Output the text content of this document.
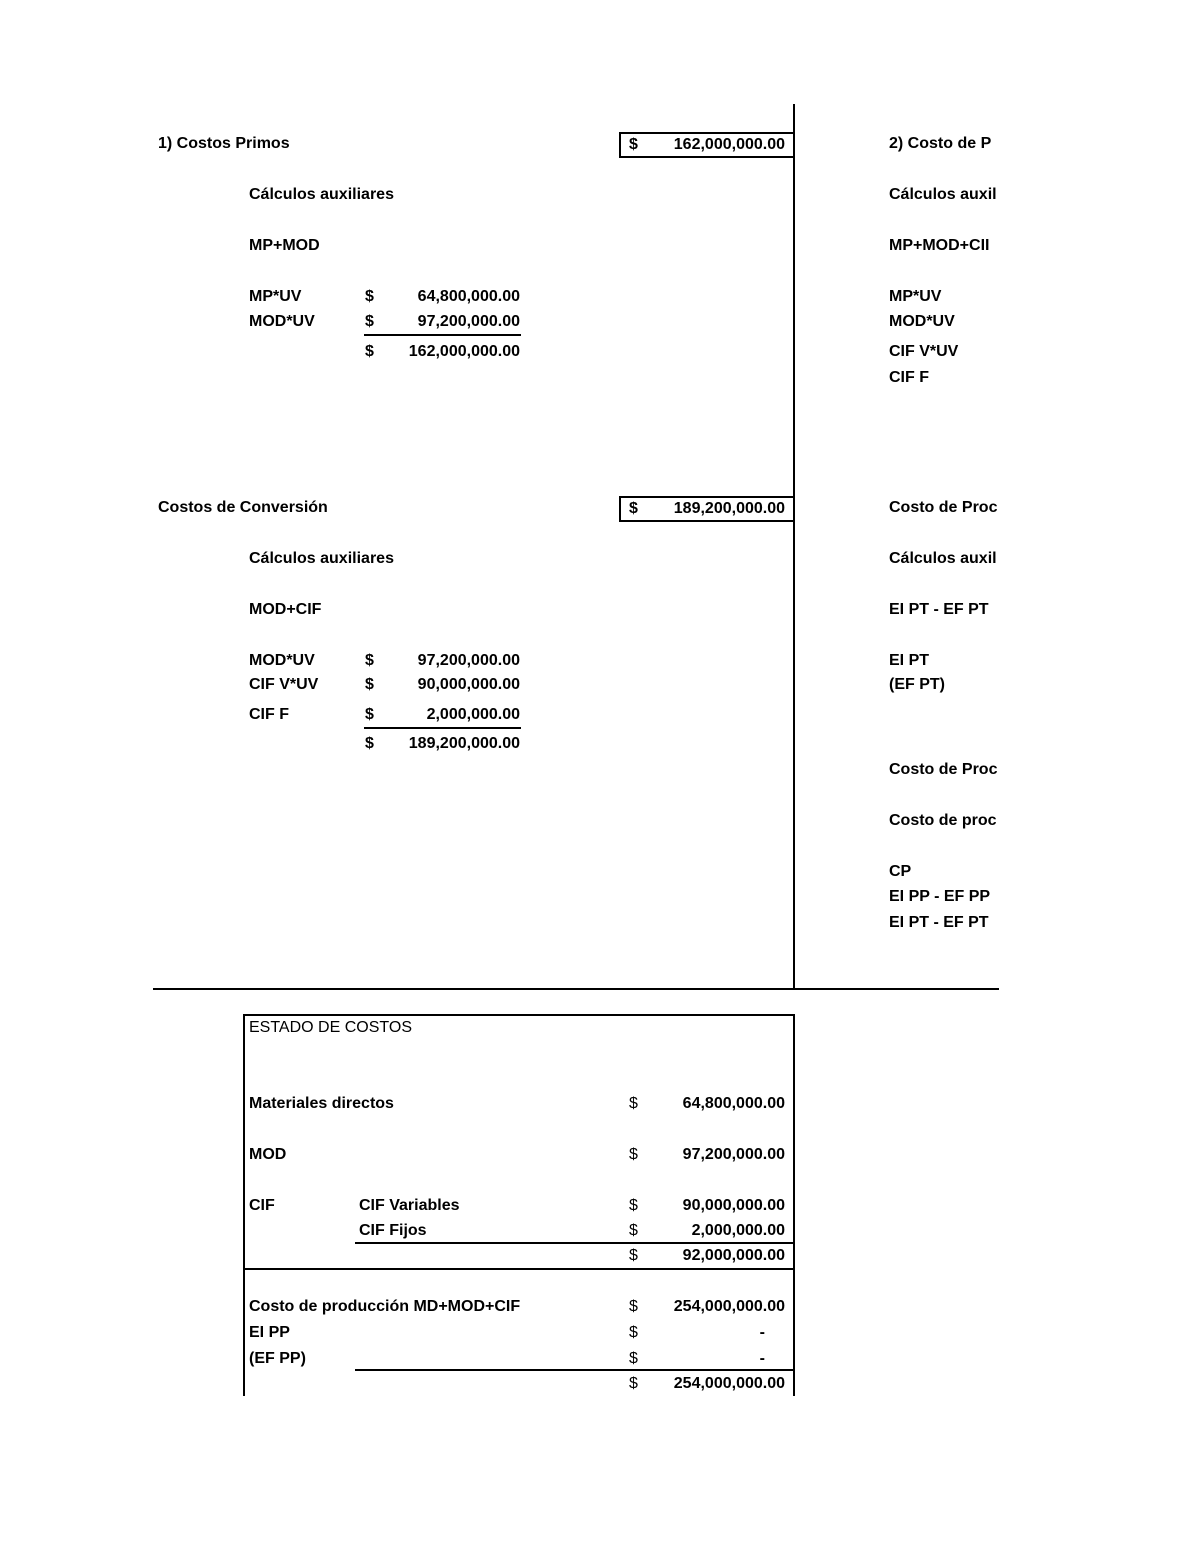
1) Costos Primos	$ 162,000,000.00
Cálculos auxiliares
MP+MOD
MP*UV	$	64,800,000.00
MOD*UV	$	97,200,000.00
$	162,000,000.00
Costos de Conversión	$ 189,200,000.00
Cálculos auxiliares
MOD+CIF
MOD*UV	$	97,200,000.00
CIF V*UV	$	90,000,000.00
CIF F	$	2,000,000.00
$	189,200,000.00
2) Costo de P
Cálculos auxil
MP+MOD+CII
MP*UV
MOD*UV
CIF V*UV
CIF F
Costo de Proc
Cálculos auxil
EI PT - EF PT
EI PT
(EF PT)
Costo de Proc
Costo de proc
CP
EI PP - EF PP
EI PT - EF PT
ESTADO DE COSTOS
Materiales directos	$	64,800,000.00
MOD	$	97,200,000.00
CIF	CIF Variables	$	90,000,000.00
CIF Fijos	$	2,000,000.00
$	92,000,000.00
Costo de producción MD+MOD+CIF	$	254,000,000.00
EI PP	$	-
(EF PP)	$	-
$	254,000,000.00
